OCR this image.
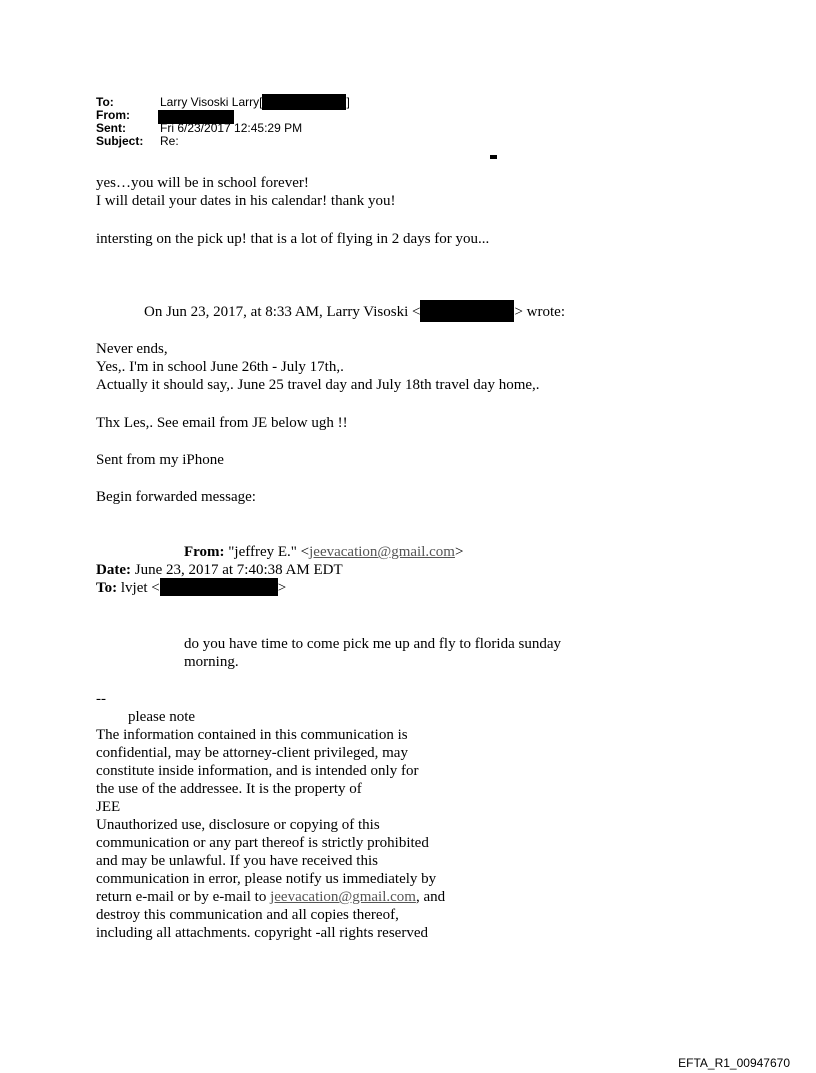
To:	Larry Visoski Larry[	]
From:
Sent:	Fri 6/23/2017 12:45:29 PM
Subject:	Re:
yes…you will be in school forever!
I will detail your dates in his calendar! thank you!
intersting on the pick up! that is a lot of flying in 2 days for you...
On Jun 23, 2017, at 8:33 AM, Larry Visoski <	> wrote:
Never ends,
Yes,. I'm in school June 26th - July 17th,.
Actually it should say,. June 25 travel day and July 18th travel day home,.
Thx Les,. See email from JE below ugh !!
Sent from my iPhone
Begin forwarded message:
From: "jeffrey E." <jeevacation@gmail.com>
Date: June 23, 2017 at 7:40:38 AM EDT
To: lvjet <	>
do you have time to come pick me up and fly to florida sunday
morning.
--
please note
The information contained in this communication is
confidential, may be attorney-client privileged, may
constitute inside information, and is intended only for
the use of the addressee. It is the property of
JEE
Unauthorized use, disclosure or copying of this
communication or any part thereof is strictly prohibited
and may be unlawful. If you have received this
communication in error, please notify us immediately by
return e-mail or by e-mail to jeevacation@gmail.com, and
destroy this communication and all copies thereof,
including all attachments. copyright -all rights reserved
EFTA_R1_00947670
